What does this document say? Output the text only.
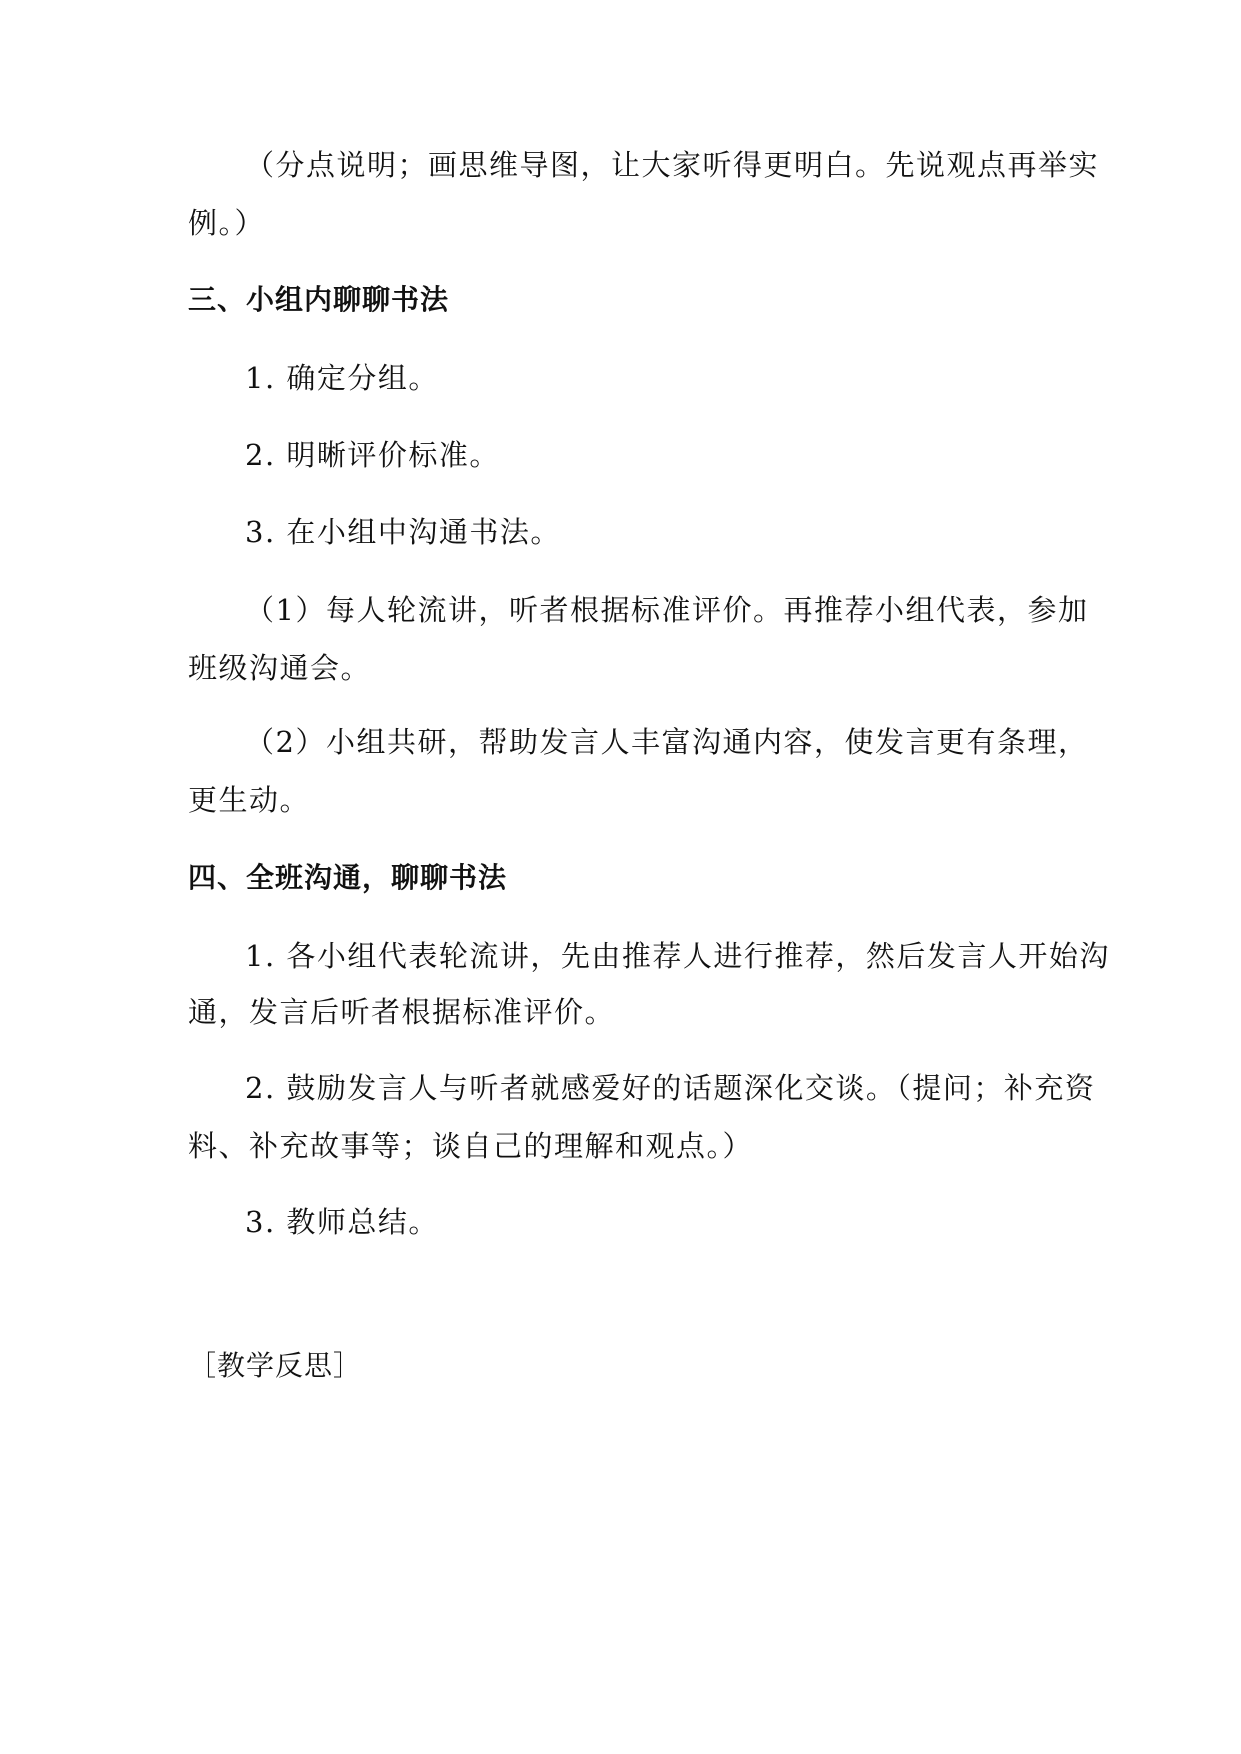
（分点说明；画思维导图，让大家听得更明白。先说观点再举实
例。）
三、小组内聊聊书法
1. 确定分组。
2. 明晰评价标准。
3. 在小组中沟通书法。
（1）每人轮流讲，听者根据标准评价。再推荐小组代表，参加
班级沟通会。
（2）小组共研，帮助发言人丰富沟通内容，使发言更有条理，
更生动。
四、全班沟通，聊聊书法
1. 各小组代表轮流讲，先由推荐人进行推荐，然后发言人开始沟
通，发言后听者根据标准评价。
2. 鼓励发言人与听者就感爱好的话题深化交谈。（提问；补充资
料、补充故事等；谈自己的理解和观点。）
3. 教师总结。
［教学反思］
